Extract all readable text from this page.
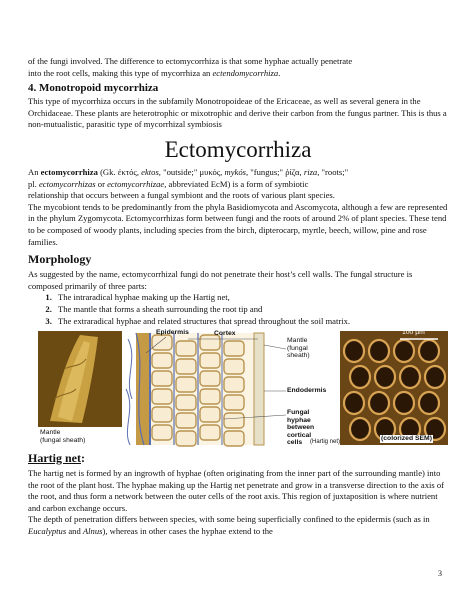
of the fungi involved. The difference to ectomycorrhiza is that some hyphae actually penetrate
into the root cells, making this type of mycorrhiza an ectendomycorrhiza.

4. Monotropoid mycorrhiza

This type of mycorrhiza occurs in the subfamily Monotropoideae of the Ericaceae, as well as several genera in the Orchidaceae. These plants are heterotrophic or mixotrophic and derive their carbon from the fungus partner. This is thus a non-mutualistic, parasitic type of mycorrhizal symbiosis

Ectomycorrhiza

An ectomycorrhiza (Gk. ἐκτός, ektos, "outside;" μυκός, mykós, "fungus;" ῥίζα, riza, "roots;"
pl. ectomycorrhizas or ectomycorrhizae, abbreviated EcM) is a form of symbiotic
relationship that occurs between a fungal symbiont and the roots of various plant species.

The mycobiont tends to be predominantly from the phyla Basidiomycota and Ascomycota, although a few are represented in the phylum Zygomycota. Ectomycorrhizas form between fungi and the roots of around 2% of plant species. These tend to be composed of woody plants, including species from the birch, dipterocarp, myrtle, beech, willow, pine and rose families.

Morphology

As suggested by the name, ectomycorrhizal fungi do not penetrate their host’s cell walls. The fungal structure is composed primarily of three parts:

1. The intraradical hyphae making up the Hartig net,
2. The mantle that forms a sheath surrounding the root tip and
3. The extraradical hyphae and related structures that spread throughout the soil matrix.
Mantle
(fungal sheath)
Epidermis	Cortex
Mantle
(fungal
sheath)
Endodermis
Fungal
hyphae
between
cortical
cells	(Hartig net)
100 µm
(colorized SEM)
Hartig net:

The hartig net is formed by an ingrowth of hyphae (often originating from the inner part of the surrounding mantle) into the root of the plant host. The hyphae making up the Hartig net penetrate and grow in a transverse direction to the axis of the root, and thus form a network between the outer cells of the root axis. This region of juxtaposition is where nutrient and carbon exchange occurs.

The depth of penetration differs between species, with some being superficially confined to the epidermis (such as in Eucalyptus and Alnus), whereas in other cases the hyphae extend to the

3
